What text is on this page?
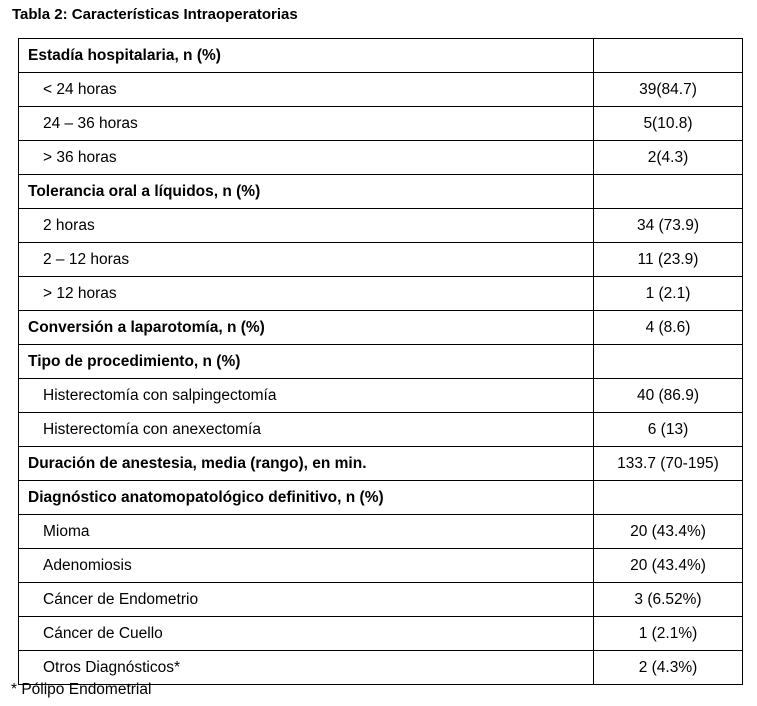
Tabla 2: Características Intraoperatorias
Estadía hospitalaria, n (%)	
< 24 horas	39(84.7)
24 – 36 horas	5(10.8)
> 36 horas	2(4.3)
Tolerancia oral a líquidos, n (%)	
2 horas	34 (73.9)
2 – 12 horas	11 (23.9)
> 12 horas	1 (2.1)
Conversión a laparotomía, n (%)	4 (8.6)
Tipo de procedimiento, n (%)	
Histerectomía con salpingectomía	40 (86.9)
Histerectomía con anexectomía	6 (13)
Duración de anestesia, media (rango), en min.	133.7 (70-195)
Diagnóstico anatomopatológico definitivo, n (%)	
Mioma	20 (43.4%)
Adenomiosis	20 (43.4%)
Cáncer de Endometrio	3 (6.52%)
Cáncer de Cuello	1 (2.1%)
Otros Diagnósticos*	2 (4.3%)
* Pólipo Endometrial
